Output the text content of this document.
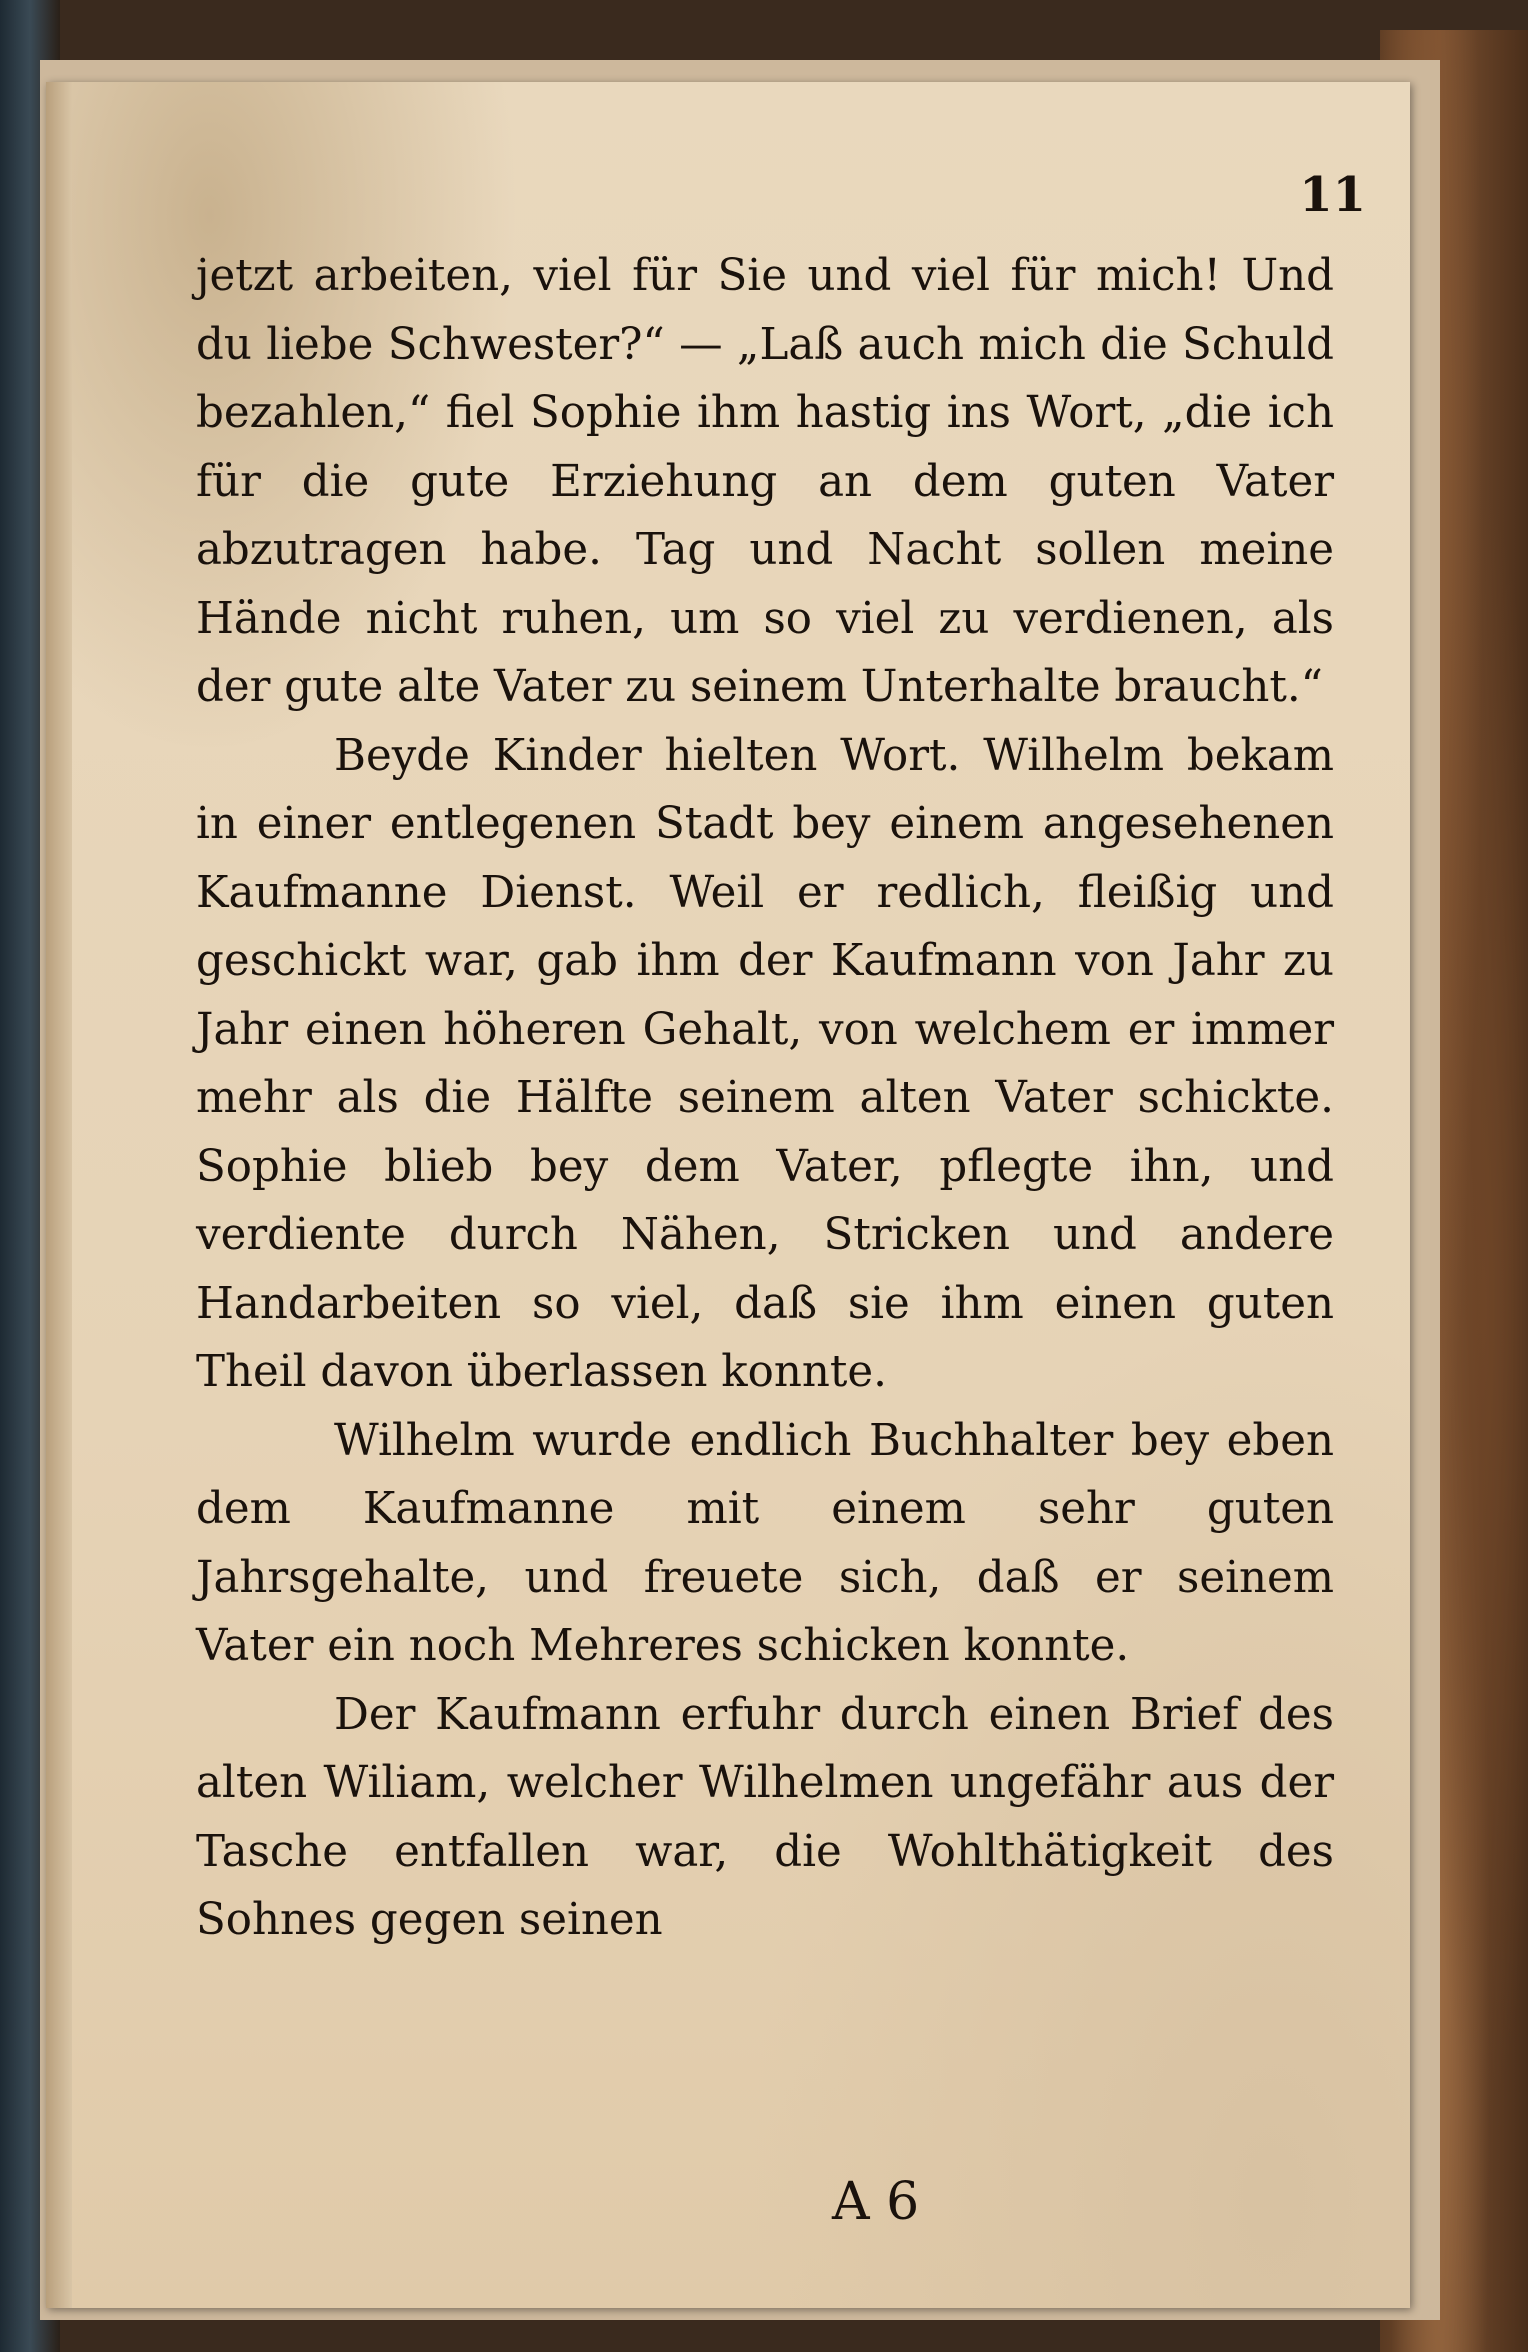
11

jetzt arbeiten, viel für Sie und viel für mich! Und du liebe Schwester?“ — „Laß auch mich die Schuld bezahlen,“ fiel Sophie ihm hastig ins Wort, „die ich für die gute Erziehung an dem guten Vater abzutragen habe. Tag und Nacht sollen meine Hände nicht ruhen, um so viel zu verdienen, als der gute alte Vater zu seinem Unterhalte braucht.“

Beyde Kinder hielten Wort. Wilhelm bekam in einer entlegenen Stadt bey einem angesehenen Kaufmanne Dienst. Weil er redlich, fleißig und geschickt war, gab ihm der Kaufmann von Jahr zu Jahr einen höheren Gehalt, von welchem er immer mehr als die Hälfte seinem alten Vater schickte. Sophie blieb bey dem Vater, pflegte ihn, und verdiente durch Nähen, Stricken und andere Handarbeiten so viel, daß sie ihm einen guten Theil davon überlassen konnte.

Wilhelm wurde endlich Buchhalter bey eben dem Kaufmanne mit einem sehr guten Jahrsgehalte, und freuete sich, daß er seinem Vater ein noch Mehreres schicken konnte.

Der Kaufmann erfuhr durch einen Brief des alten Wiliam, welcher Wilhelmen ungefähr aus der Tasche entfallen war, die Wohlthätigkeit des Sohnes gegen seinen

A 6
